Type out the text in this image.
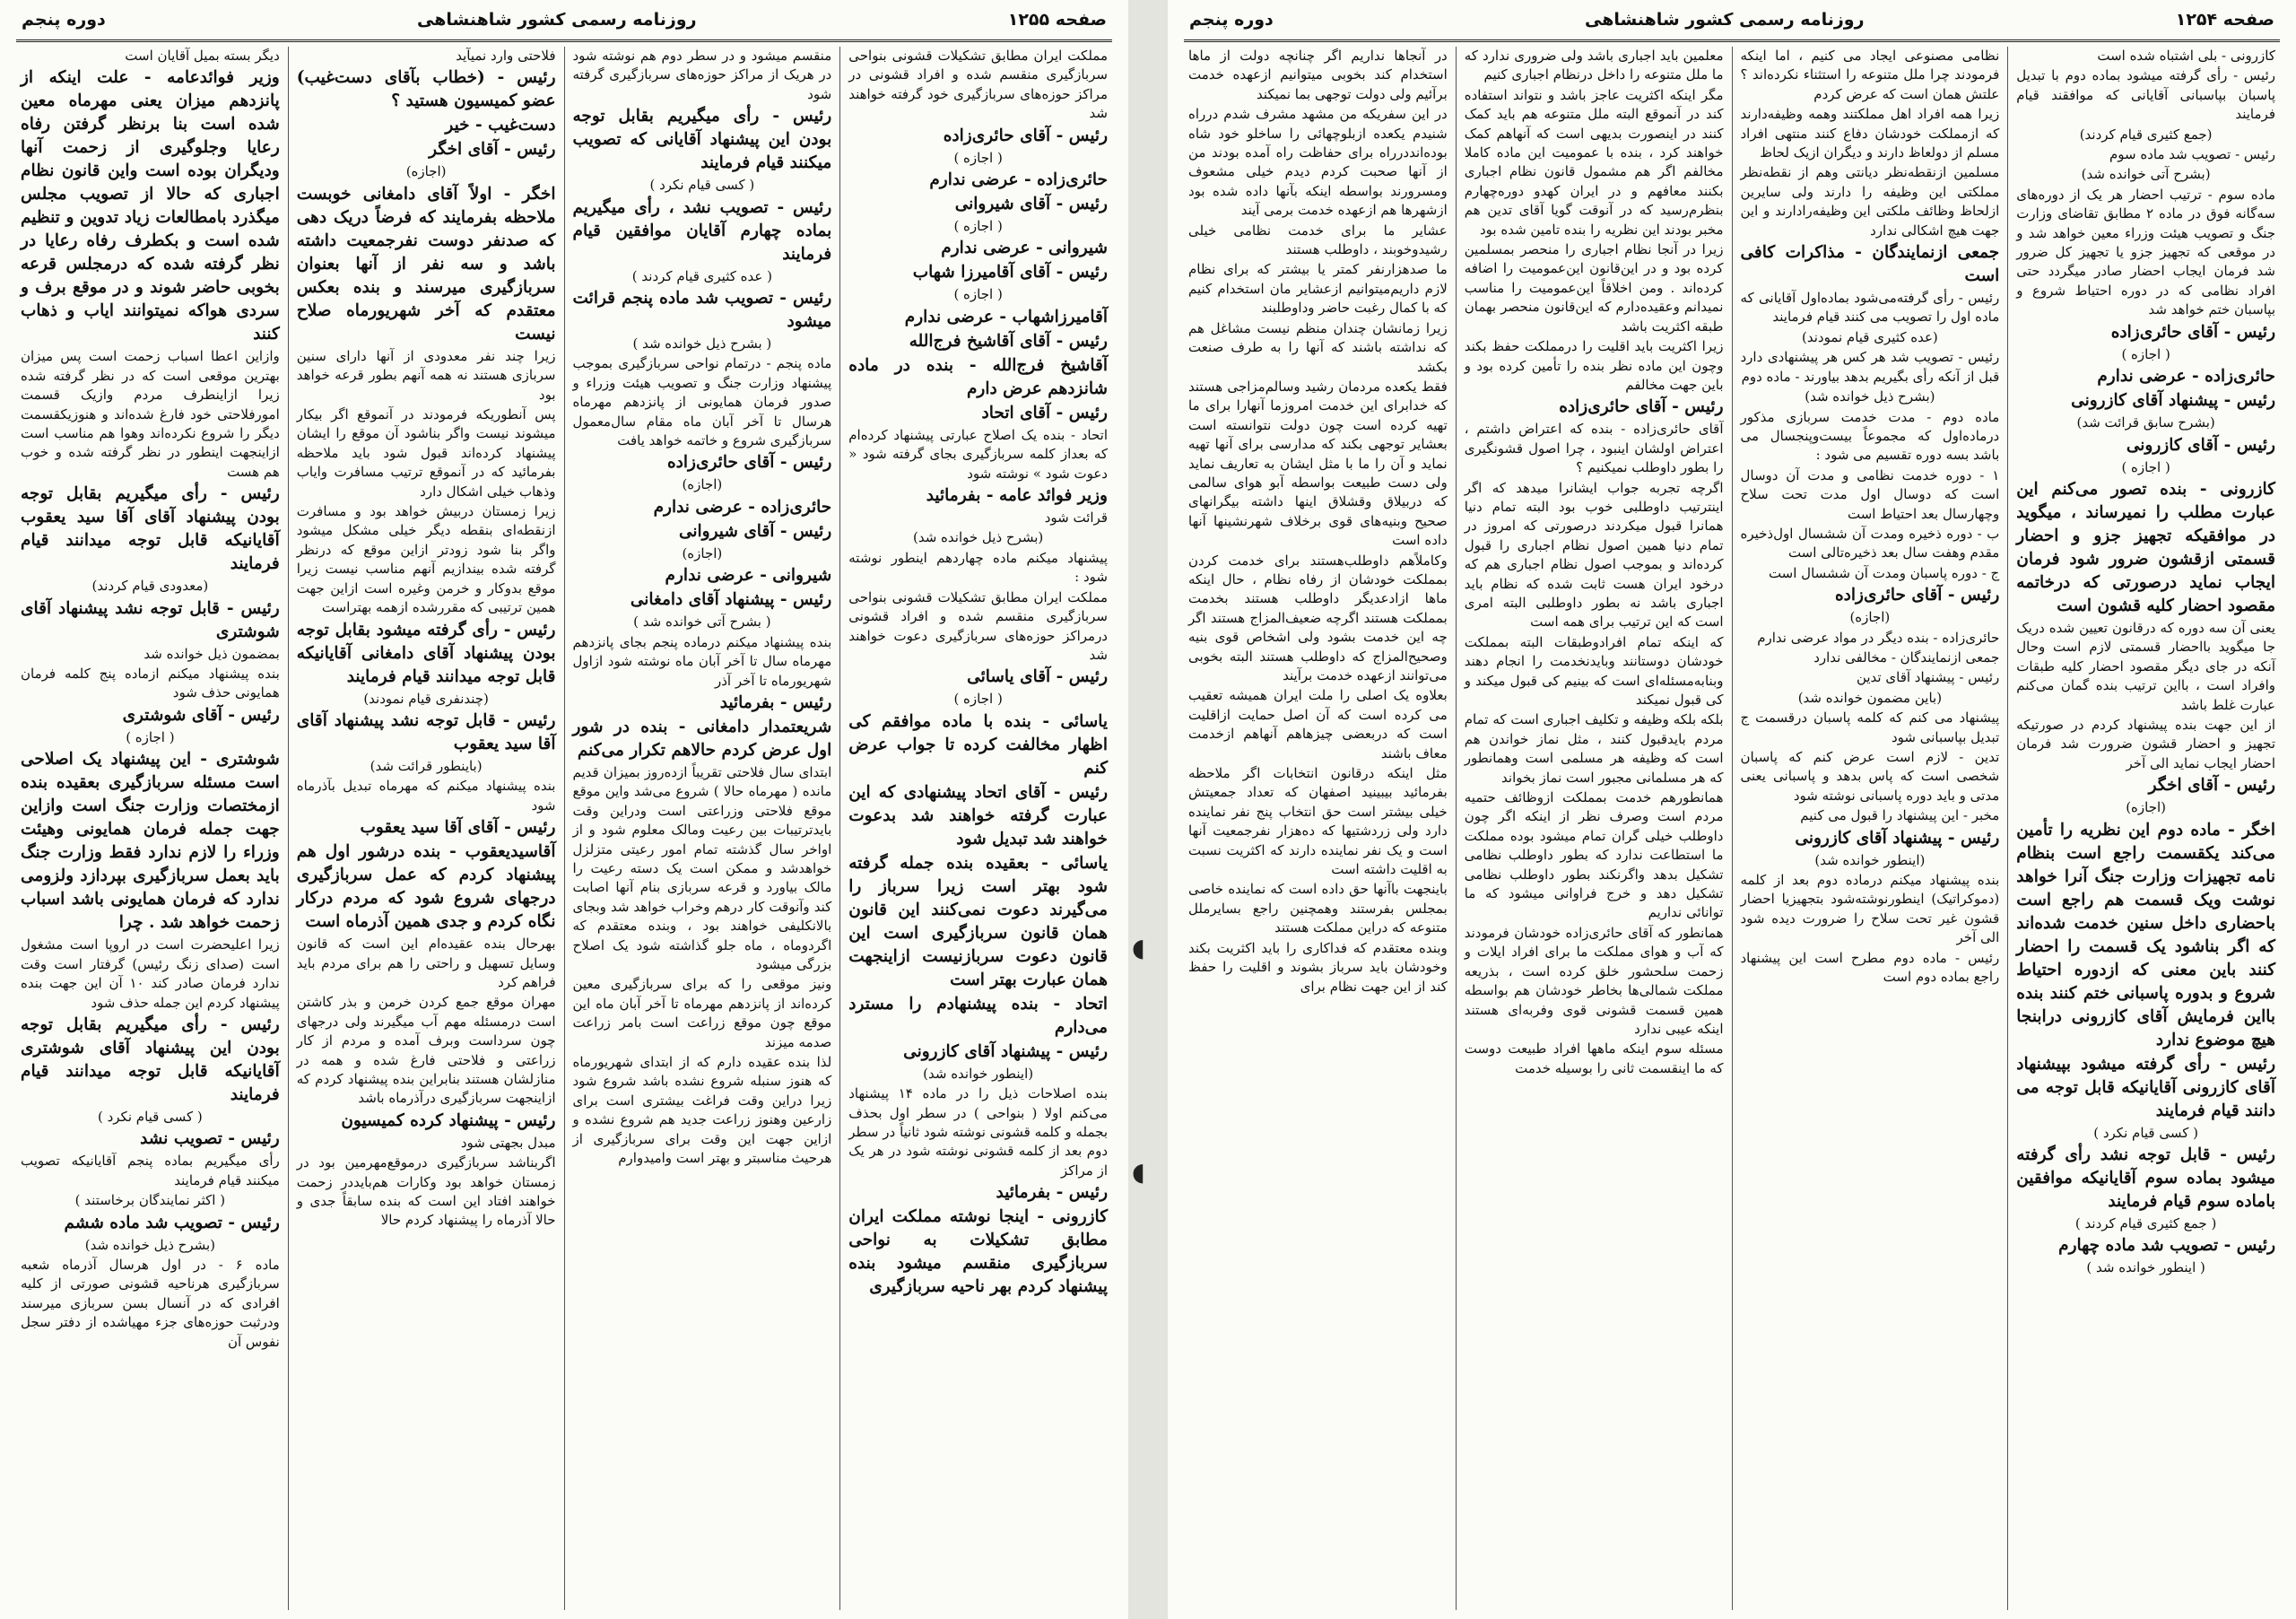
صفحه ۱۲۵۵
روزنامه رسمی کشور شاهنشاهی
دوره پنجم

مملکت ایران مطابق تشکیلات قشونی بنواحی سربازگیری منقسم شده و افراد قشونی در مراکز حوزه‌های سربازگیری خود گرفته خواهند شد

رئیس - آقای حائری‌زاده

( اجازه )

حائری‌زاده - عرضی ندارم

رئیس - آقای شیروانی

( اجازه )

شیروانی - عرضی ندارم

رئیس - آقای آقامیرزا شهاب

( اجازه )

آقامیرزاشهاب - عرضی ندارم

رئیس - آقای آقاشیخ فرج‌الله

آقاشیخ فرج‌الله - بنده در ماده شانزدهم عرض دارم

رئیس - آقای اتحاد

اتحاد - بنده یک اصلاح عبارتی پیشنهاد کرده‌ام که بعداز کلمه سربازگیری بجای گرفته شود « دعوت شود » نوشته شود

وزیر فوائد عامه - بفرمائید

قرائت شود

(بشرح ذیل خوانده شد)

پیشنهاد میکنم ماده چهاردهم اینطور نوشته شود :

مملکت ایران مطابق تشکیلات قشونی بنواحی سربازگیری منقسم شده و افراد قشونی درمراکز حوزه‌های سربازگیری دعوت خواهند شد

رئیس - آقای یاسائی

( اجازه )

یاسائی - بنده با ماده موافقم کی اظهار مخالفت کرده تا جواب عرض کنم

رئیس - آقای اتحاد پیشنهادی که این عبارت گرفته خواهند شد بدعوت خواهند شد تبدیل شود

یاسائی - بعقیده بنده جمله گرفته شود بهتر است زیرا سرباز را می‌گیرند دعوت نمی‌کنند این قانون همان قانون سربازگیری است این قانون دعوت سربازنیست ازاینجهت همان عبارت بهتر است

اتحاد - بنده پیشنهادم را مسترد می‌دارم

رئیس - پیشنهاد آقای کازرونی

(اینطور خوانده شد)

بنده اصلاحات ذیل را در ماده ۱۴ پیشنهاد می‌کنم اولا ( بنواحی ) در سطر اول بحذف بجمله و کلمه قشونی نوشته شود ثانیاً در سطر دوم بعد از کلمه قشونی نوشته شود در هر یک از مراکز

رئیس - بفرمائید

کازرونی - اینجا نوشته مملکت ایران مطابق تشکیلات به نواحی سربازگیری منقسم میشود بنده پیشنهاد کردم بهر ناحیه سربازگیری

منقسم میشود و در سطر دوم هم نوشته شود در هریک از مراکز حوزه‌های سربازگیری گرفته شود

رئیس - رأی میگیریم بقابل توجه بودن این پیشنهاد آقایانی که تصویب میکنند قیام فرمایند

( کسی قیام نکرد )

رئیس - تصویب نشد ، رأی میگیریم بماده چهارم آقایان موافقین قیام فرمایند

( عده کثیری قیام کردند )

رئیس - تصویب شد ماده پنجم قرائت میشود

( بشرح ذیل خوانده شد )

ماده پنجم - درتمام نواحی سربازگیری بموجب پیشنهاد وزارت جنگ و تصویب هیئت وزراء و صدور فرمان همایونی از پانزدهم مهرماه هرسال تا آخر آبان ماه مقام سال‌معمول سربازگیری شروع و خاتمه خواهد یافت

رئیس - آقای حائری‌زاده

(اجازه)

حائری‌زاده - عرضی ندارم

رئیس - آقای شیروانی

(اجازه)

شیروانی - عرضی ندارم

رئیس - پیشنهاد آقای دامغانی

( بشرح آتی خوانده شد )

بنده پیشنهاد میکنم درماده پنجم بجای پانزدهم مهرماه سال تا آخر آبان ماه نوشته شود ازاول شهریورماه تا آخر آذر

رئیس - بفرمائید

شریعتمدار دامغانی - بنده در شور اول عرض کردم حالاهم تکرار می‌کنم

ابتدای سال فلاحتی تقریباً ازده‌روز بمیزان قدیم مانده ( مهرماه حالا ) شروع می‌شد واین موقع موقع فلاحتی وزراعتی است ودراین وقت بایدترتیبات بین رعیت ومالک معلوم شود و از اواخر سال گذشته تمام امور رعیتی متزلزل خواهدشد و ممکن است یک دسته رعیت را مالک بیاورد و قرعه سربازی بنام آنها اصابت کند وآنوقت کار درهم وخراب خواهد شد وبجای بالانکلیفی خواهند بود ، وبنده معتقدم که اگردوماه ، ماه جلو گذاشته شود یک اصلاح بزرگی میشود

ونیز موقعی را که برای سربازگیری معین کرده‌اند از پانزدهم مهرماه تا آخر آبان ماه این موقع چون موقع زراعت است بامر زراعت صدمه میزند

لذا بنده عقیده دارم که از ابتدای شهریورماه که هنوز سنبله شروع نشده باشد شروع شود زیرا دراین وقت فراغت بیشتری است برای زارعین وهنوز زراعت جدید هم شروع نشده و ازاین جهت این وقت برای سربازگیری از هرحیث مناسبتر و بهتر است وامیدوارم

فلاحتی وارد نمیآید

رئیس - (خطاب بآقای دست‌غیب) عضو کمیسیون هستید ؟

دست‌غیب - خیر

رئیس - آقای اخگر

(اجازه)

اخگر - اولاً آقای دامغانی خوبست ملاحظه بفرمایند که فرضاً دریک دهی که صدنفر دوست نفرجمعیت داشته باشد و سه نفر از آنها بعنوان سربازگیری میرسند و بنده بعکس معتقدم که آخر شهریورماه صلاح نیست

زیرا چند نفر معدودی از آنها دارای سنین سربازی هستند نه همه آنهم بطور قرعه خواهد بود

پس آنطوریکه فرمودند در آنموقع اگر بیکار میشوند نیست واگر بناشود آن موقع را ایشان پیشنهاد کرده‌اند قبول شود باید ملاحظه بفرمائید که در آنموقع ترتیب مسافرت وایاب وذهاب خیلی اشکال دارد

زیرا زمستان دربیش خواهد بود و مسافرت ازنقطه‌ای بنقطه دیگر خیلی مشکل میشود واگر بنا شود زودتر ازاین موقع که درنظر گرفته شده بیندازیم آنهم مناسب نیست زیرا موقع بدوکار و خرمن وغیره است ازاین جهت همین ترتیبی که مقررشده ازهمه بهتراست

رئیس - رأی گرفته میشود بقابل توجه بودن پیشنهاد آقای دامغانی آقایانیکه قابل توجه میدانند قیام فرمایند

(چندنفری قیام نمودند)

رئیس - قابل توجه نشد پیشنهاد آقای آقا سید یعقوب

(باینطور قرائت شد)

بنده پیشنهاد میکنم که مهرماه تبدیل بآذرماه شود

رئیس - آقای آقا سید یعقوب

آقاسیدیعقوب - بنده درشور اول هم پیشنهاد کردم که عمل سربازگیری درجهای شروع شود که مردم درکار نگاه کردم و جدی همین آذرماه است

بهرحال بنده عقیده‌ام این است که قانون وسایل تسهیل و راحتی را هم برای مردم باید فراهم کرد

مهران موقع جمع کردن خرمن و بذر کاشتن است درمسئله مهم آب میگیرند ولی درجهای چون سرداست وبرف آمده و مردم از کار زراعتی و فلاحتی فارغ شده و همه در منازلشان هستند بنابراین بنده پیشنهاد کردم که ازاینجهت سربازگیری درآذرماه باشد

رئیس - پیشنهاد کرده کمیسیون

مبدل بجهتی شود

اگربناشد سربازگیری درموقع‌مهرمین بود در زمستان خواهد بود وکارات هم‌بایددر زحمت خواهند افتاد این است که بنده سابقاً جدی و حالا آذرماه را پیشنهاد کردم حالا

دیگر بسته بمیل آقایان است

وزیر فوائدعامه - علت اینکه از پانزدهم میزان یعنی مهرماه معین شده است بنا برنظر گرفتن رفاه رعایا وجلوگیری از زحمت آنها ودیگران بوده است واین قانون نظام اجباری که حالا از تصویب مجلس میگذرد بامطالعات زیاد تدوین و تنظیم شده است و بکطرف رفاه رعایا در نظر گرفته شده که درمجلس قرعه بخوبی حاضر شوند و در موقع برف و سردی هواکه نمیتوانند ایاب و ذهاب کنند

وازاین اعطا اسباب زحمت است پس میزان بهترین موقعی است که در نظر گرفته شده زیرا ازاینطرف مردم وازیک قسمت امورفلاحتی خود فارغ شده‌اند و هنوزیکقسمت دیگر را شروع نکرده‌اند وهوا هم مناسب است ازاینجهت اینطور در نظر گرفته شده و خوب هم هست

رئیس - رأی میگیریم بقابل توجه بودن پیشنهاد آقای آقا سید یعقوب آقایانیکه قابل توجه میدانند قیام فرمایند

(معدودی قیام کردند)

رئیس - قابل توجه نشد پیشنهاد آقای شوشتری

بمضمون ذیل خوانده شد

بنده پیشنهاد میکنم ازماده پنج کلمه فرمان همایونی حذف شود

رئیس - آقای شوشتری

( اجازه )

شوشتری - این پیشنهاد یک اصلاحی است مسئله سربازگیری بعقیده بنده ازمختصات وزارت جنگ است وازاین جهت جمله فرمان همایونی وهیئت وزراء را لازم ندارد فقط وزارت جنگ باید بعمل سربازگیری بپردازد ولزومی ندارد که فرمان همایونی باشد اسباب زحمت خواهد شد . چرا

زیرا اعلیحضرت است در اروپا است مشغول است (صدای زنگ رئیس) گرفتار است وقت ندارد فرمان صادر کند ۱۰ آن این جهت بنده پیشنهاد کردم این جمله حذف شود

رئیس - رأی میگیریم بقابل توجه بودن این پیشنهاد آقای شوشتری آقایانیکه قابل توجه میدانند قیام فرمایند

( کسی قیام نکرد )

رئیس - تصویب نشد

رأی میگیریم بماده پنجم آقایانیکه تصویب میکنند قیام فرمایند

( اکثر نمایندگان برخاستند )

رئیس - تصویب شد ماده ششم

(بشرح ذیل خوانده شد)

ماده ۶ - در اول هرسال آذرماه شعبه سربازگیری هرناحیه قشونی صورتی از کلیه افرادی که در آنسال بسن سربازی میرسند ودرثبت حوزه‌های جزء مهیاشده از دفتر سجل نفوس آن

◖
◖
صفحه ۱۲۵۴
روزنامه رسمی کشور شاهنشاهی
دوره پنجم

کازرونی - بلی اشتباه شده است

رئیس - رأی گرفته میشود بماده دوم با تبدیل پاسبان بپاسبانی آقایانی که موافقند قیام فرمایند

(جمع کثیری قیام کردند)

رئیس - تصویب شد ماده سوم

(بشرح آتی خوانده شد)

ماده سوم - ترتیب احضار هر یک از دوره‌های سه‌گانه فوق در ماده ۲ مطابق تقاضای وزارت جنگ و تصویب هیئت وزراء معین خواهد شد و در موقعی که تجهیز جزو یا تجهیز کل ضرور شد فرمان ایجاب احضار صادر میگردد حتی افراد نظامی که در دوره احتیاط شروع و بپاسبان ختم خواهد شد

رئیس - آقای حائری‌زاده

( اجازه )

حائری‌زاده - عرضی ندارم

رئیس - پیشنهاد آقای کازرونی

(بشرح سابق قرائت شد)

رئیس - آقای کازرونی

( اجازه )

کازرونی - بنده تصور می‌کنم این عبارت مطلب را نمیرساند ، میگوید در موافقیکه تجهیز جزو و احضار قسمتی ازقشون ضرور شود فرمان ایجاب نماید درصورتی که درخاتمه مقصود احضار کلیه قشون است

یعنی آن سه دوره که درقانون تعیین شده دریک جا میگوید بااحضار قسمتی لازم است وحال آنکه در جای دیگر مقصود احضار کلیه طبقات وافراد است ، بااین ترتیب بنده گمان می‌کنم عبارت غلط باشد

از این جهت بنده پیشنهاد کردم در صورتیکه تجهیز و احضار قشون ضرورت شد فرمان احضار ایجاب نماید الی آخر

رئیس - آقای اخگر

(اجازه)

اخگر - ماده دوم این نظریه را تأمین می‌کند یکقسمت راجع است بنظام نامه تجهیزات وزارت جنگ آنرا خواهد نوشت ویک قسمت هم راجع است باحضاری داخل سنین خدمت شده‌اند که اگر بناشود یک قسمت را احضار کنند باین معنی که ازدوره احتیاط شروع و بدوره پاسبانی ختم کنند بنده بااین فرمایش آقای کازرونی درابنجا هیچ موضوع ندارد

رئیس - رأی گرفته میشود بپیشنهاد آقای کازرونی آقایانیکه قابل توجه می دانند قیام فرمایند

( کسی قیام نکرد )

رئیس - قابل توجه نشد رأی گرفته میشود بماده سوم آقایانیکه موافقین باماده سوم قیام فرمایند

( جمع کثیری قیام کردند )

رئیس - تصویب شد ماده چهارم

( اینطور خوانده شد )

نظامی مصنوعی ایجاد می کنیم ، اما اینکه فرمودند چرا ملل متنوعه را استثناء نکرده‌اند ؟ علتش همان است که عرض کردم

زیرا همه افراد اهل مملکتند وهمه وظیفه‌دارند که ازمملکت خودشان دفاع کنند منتهی افراد مسلم از دولعاظ دارند و دیگران ازیک لحاظ

مسلمین ازنقطه‌نظر دیانتی وهم از نقطه‌نظر مملکتی این وظیفه را دارند ولی سایرین ازلحاظ وظائف ملکتی این وظیفه‌رادارند و این جهت هیچ اشکالی ندارد

جمعی ازنمایندگان - مذاکرات کافی است

رئیس - رأی گرفته‌می‌شود بماده‌اول آقایانی که ماده اول را تصویب می کنند قیام فرمایند

(عده کثیری قیام نمودند)

رئیس - تصویب شد هر کس هر پیشنهادی دارد قبل از آنکه رأی بگیریم بدهد بیاورند - ماده دوم

(بشرح ذیل خوانده شد)

ماده دوم - مدت خدمت سربازی مذکور درماده‌اول که مجموعاً بیست‌وپنجسال می باشد بسه دوره تقسیم می شود :

۱ - دوره خدمت نظامی و مدت آن دوسال است که دوسال اول مدت تحت سلاح وچهارسال بعد احتیاط است

ب - دوره ذخیره ومدت آن ششسال اول‌ذخیره مقدم وهفت سال بعد ذخیره‌تالی است

ج - دوره پاسبان ومدت آن ششسال است

رئیس - آقای حائری‌زاده

(اجازه)

حائری‌زاده - بنده دیگر در مواد عرضی ندارم

جمعی ازنمایندگان - مخالفی ندارد

رئیس - پیشنهاد آقای تدین

(باین مضمون خوانده شد)

پیشنهاد می کنم که کلمه پاسبان درقسمت ج تبدیل بپاسبانی شود

تدین - لازم است عرض کنم که پاسبان شخصی است که پاس بدهد و پاسبانی یعنی مدتی و باید دوره پاسبانی نوشته شود

مخبر - این پیشنهاد را قبول می کنیم

رئیس - پیشنهاد آقای کازرونی

(اینطور خوانده شد)

بنده پیشنهاد میکنم درماده دوم بعد از کلمه (دموکراتیک) اینطورنوشته‌شود بتجهیزیا احضار قشون غیر تحت سلاح را ضرورت دیده شود الی آخر

رئیس - ماده دوم مطرح است این پیشنهاد راجع بماده دوم است

معلمین باید اجباری باشد ولی ضروری ندارد که ما ملل متنوعه را داخل درنظام اجباری کنیم

مگر اینکه اکثریت عاجز باشد و نتواند استفاده کند در آنموقع البته ملل متنوعه هم باید کمک کنند در اینصورت بدیهی است که آنهاهم کمک خواهند کرد ، بنده با عمومیت این ماده کاملا مخالفم اگر هم مشمول قانون نظام اجباری بکنند معافهم و در ایران کهدو دوره‌چهارم بنظرم‌رسید که در آنوقت گویا آقای تدین هم مخبر بودند این نظریه را بنده تامین شده بود

زیرا در آنجا نظام اجباری را منحصر بمسلمین کرده بود و در این‌قانون این‌عمومیت را اضافه کرده‌اند . ومن اخلاقاً این‌عمومیت را مناسب نمیدانم وعقیده‌دارم که این‌قانون منحصر بهمان طبقه اکثریت باشد

زیرا اکثریت باید اقلیت را درمملکت حفظ بکند وچون این ماده نظر بنده را تأمین کرده بود و باین جهت مخالفم

رئیس - آقای حائری‌زاده

آقای حائری‌زاده - بنده که اعتراض داشتم ، اعتراض اولشان اینبود ، چرا اصول قشونگیری را بطور داوطلب نمیکنیم ؟

اگرچه تجربه جواب ایشانرا میدهد که اگر اینترتیب داوطلبی خوب بود البته تمام دنیا همانرا قبول میکردند درصورتی که امروز در تمام دنیا همین اصول نظام اجباری را قبول کرده‌اند و بموجب اصول نظام اجباری هم که درخود ایران هست ثابت شده که نظام باید اجباری باشد نه بطور داوطلبی البته امری است که این ترتیب برای همه است

که اینکه تمام افرادوطبقات البته بمملکت خودشان دوستانند وبایدنخدمت را انجام دهند وبنابه‌مسئله‌ای است که بینیم کی قبول میکند و کی قبول نمیکند

بلکه بلکه وظیفه و تکلیف اجباری است که تمام مردم بایدقبول کنند ، مثل نماز خواندن هم است که وظیفه هر مسلمی است وهمانطور که هر مسلمانی مجبور است نماز بخواند

همانطورهم خدمت بمملکت ازوظائف حتمیه مردم است وصرف نظر از اینکه اگر چون داوطلب خیلی گران تمام میشود بوده مملکت ما استطاعت ندارد که بطور داوطلب نظامی تشکیل بدهد واگرنکند بطور داوطلب نظامی تشکیل دهد و خرج فراوانی میشود که ما توانائی نداریم

همانطور که آقای حائری‌زاده خودشان فرمودند که آب و هوای مملکت ما برای افراد ایلات و زحمت سلحشور خلق کرده است ، بذریعه مملکت شمالی‌ها بخاطر خودشان هم بواسطه همین قسمت قشونی قوی وفربه‌‌ای هستند اینکه عیبی ندارد

مسئله سوم اینکه ماهها افراد طبیعت دوست که ما اینقسمت ثانی را بوسیله خدمت

در آنجاها نداریم اگر چنانچه دولت از ماها استخدام کند بخوبی میتوانیم ازعهده خدمت برآئیم ولی دولت توجهی بما نمیکند

در این سفریکه من مشهد مشرف شدم درراه شنیدم یکعده ازبلوچهائی را ساخلو خود شاه بوده‌انددرراه برای حفاظت راه آمده بودند من از آنها صحبت کردم دیدم خیلی مشعوف ومسرورند بواسطه اینکه بآنها داده شده بود ازشهرها هم ازعهده خدمت برمی آیند

عشایر ما برای خدمت نظامی خیلی رشیدوخوبند ، داوطلب هستند

ما صدهزارنفر کمتر یا بیشتر که برای نظام لازم داریم‌میتوانیم ازعشایر مان استخدام کنیم که با کمال رغبت حاضر وداوطلبند

زیرا زمانشان چندان منظم نیست مشاغل هم که نداشته باشند که آنها را به طرف صنعت بکشد

فقط یکعده مردمان رشید وسالم‌مزاجی هستند که خدابرای این خدمت امروزما آنهارا برای ما تهیه کرده است چون دولت نتوانسته است بعشایر توجهی بکند که مدارسی برای آنها تهیه نماید و آن را ما با مثل ایشان به تعاریف نماید ولی دست طبیعت بواسطه آبو هوای سالمی که دربیلاق وقشلاق اینها داشته بیگرانهای صحیح وبنیه‌های قوی برخلاف شهرنشینها آنها داده است

وکاملاًهم داوطلب‌هستند برای خدمت کردن بمملکت خودشان از رفاه نظام ، حال اینکه ماها ازادعدیگر داوطلب هستند بخدمت بمملکت هستند اگرچه ضعیف‌المزاج هستند اگر چه این خدمت بشود ولی اشخاص قوی بنیه وصحیح‌المزاج که داوطلب هستند البته بخوبی می‌توانند ازعهده خدمت برآیند

بعلاوه یک اصلی را ملت ایران همیشه تعقیب می کرده است که آن اصل حمایت ازاقلیت است که دربعضی چیزهاهم آنهاهم ازخدمت معاف باشند

مثل اینکه درقانون انتخابات اگر ملاحظه بفرمائید بیبینید اصفهان که تعداد جمعیتش خیلی بیشتر است حق انتخاب پنج نفر نماینده دارد ولی زردشتیها که ده‌هزار نفرجمعیت آنها است و یک نفر نماینده دارند که اکثریت نسبت به اقلیت داشته است

باینجهت باآنها حق داده است که نماینده خاصی بمجلس بفرستند وهمچنین راجع بسایرملل متنوعه که دراین مملکت هستند

وبنده معتقدم که فداکاری را باید اکثریت بکند وخودشان باید سرباز بشوند و اقلیت را حفظ کند از این جهت نظام برای
